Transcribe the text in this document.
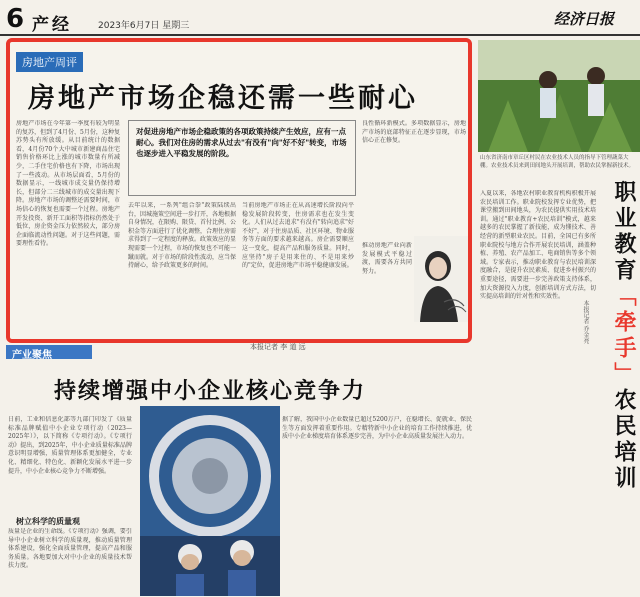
6 产经	2023年6月7日 星期三	经济日报
房地产周评
房地产市场企稳还需一些耐心

对促进房地产市场企稳政策的各项政策持续产生效应，应有一点耐心。我们对住房的需求从过去"有没有"向"好不好"转变，市场也逐步进入平稳发展的阶段。

房地产市场在今年第一季度有较为明显的复苏，但到了4月份、5月份，这种复苏势头有所放缓。从目前统计的数据看，4月份70个大中城市新建商品住宅销售价格环比上涨的城市数量有所减少，二手住宅价格也有下降，市场出现了一些波动。从市场层面看，5月份的数据显示，一线城市成交量仍保持增长，但部分二三线城市的成交量出现下降。房地产市场的调整还需要时间，市场信心的恢复也需要一个过程。房地产开发投资、新开工面积等指标仍然处于低位，房企资金压力依然较大，部分房企面临流动性问题。对于这些问题，需要理性看待。
去年以来，一系列"组合拳"政策陆续出台，因城施策空间进一步打开，各地根据自身情况，在限购、限贷、首付比例、公积金等方面进行了优化调整，合理住房需求得到了一定程度的释放。政策效应的显现需要一个过程，市场的恢复也不可能一蹴而就。对于市场的阶段性波动，应当保持耐心，给予政策更多的时间。
当前房地产市场正在从高速增长阶段向平稳发展阶段转变，住房需求也在发生变化。人们从过去追求"有没有"转向追求"好不好"，对于住房品质、社区环境、物业服务等方面的要求越来越高。房企需要顺应这一变化，提高产品和服务质量。同时，应坚持"房子是用来住的、不是用来炒的"定位，促进房地产市场平稳健康发展。
良性循环新模式。多项数据显示，房地产市场的底部特征正在逐步显现，市场信心正在修复。
推动房地产业向新发展模式平稳过渡，需要各方共同努力。
本报记者 李 道 远
产业聚焦
持续增强中小企业核心竞争力
日前，工业和信息化部等九部门印发了《质量标准品牌赋值中小企业专项行动（2023—2025年）》，以下简称《专项行动》。《专项行动》提出，到2025年，中小企业质量标准品牌意识明显增强，质量管理体系更加健全，专业化、精细化、特色化、新颖化发展水平进一步提升，中小企业核心竞争力不断增强。
树立科学的质量观
质量是企业的生命线。《专项行动》强调，要引导中小企业树立科学的质量观，推动质量管理体系建设，强化全面质量管理，提高产品和服务质量。各地要加大对中小企业的质量技术帮扶力度。
据了解，我国中小企业数量已超过5200万户，在稳增长、促就业、保民生等方面发挥着重要作用。专精特新中小企业的培育工作持续推进，优质中小企业梯度培育体系逐步完善，为中小企业高质量发展注入动力。
山东省济南市章丘区村民在农业技术人员的指导下管理蔬菜大棚。农业技术员来到田间地头开展培训，帮助农民掌握新技术。
入夏以来，各地农村职业教育机构积极开展农民培训工作。职业院校发挥专业优势，把课堂搬到田间地头，为农民提供实用技术培训。通过"职业教育+农民培训"模式，越来越多的农民掌握了新技能，成为懂技术、善经营的新型职业农民。目前，全国已有多所职业院校与地方合作开展农民培训，涵盖种植、养殖、农产品加工、电商销售等多个领域。专家表示，推动职业教育与农民培训深度融合，是提升农民素质、促进乡村振兴的重要途径，需要进一步完善政策支持体系，加大资源投入力度，创新培训方式方法，切实提高培训的针对性和实效性。
本报记者 乔金亮
职业教育「牵手」农民培训
